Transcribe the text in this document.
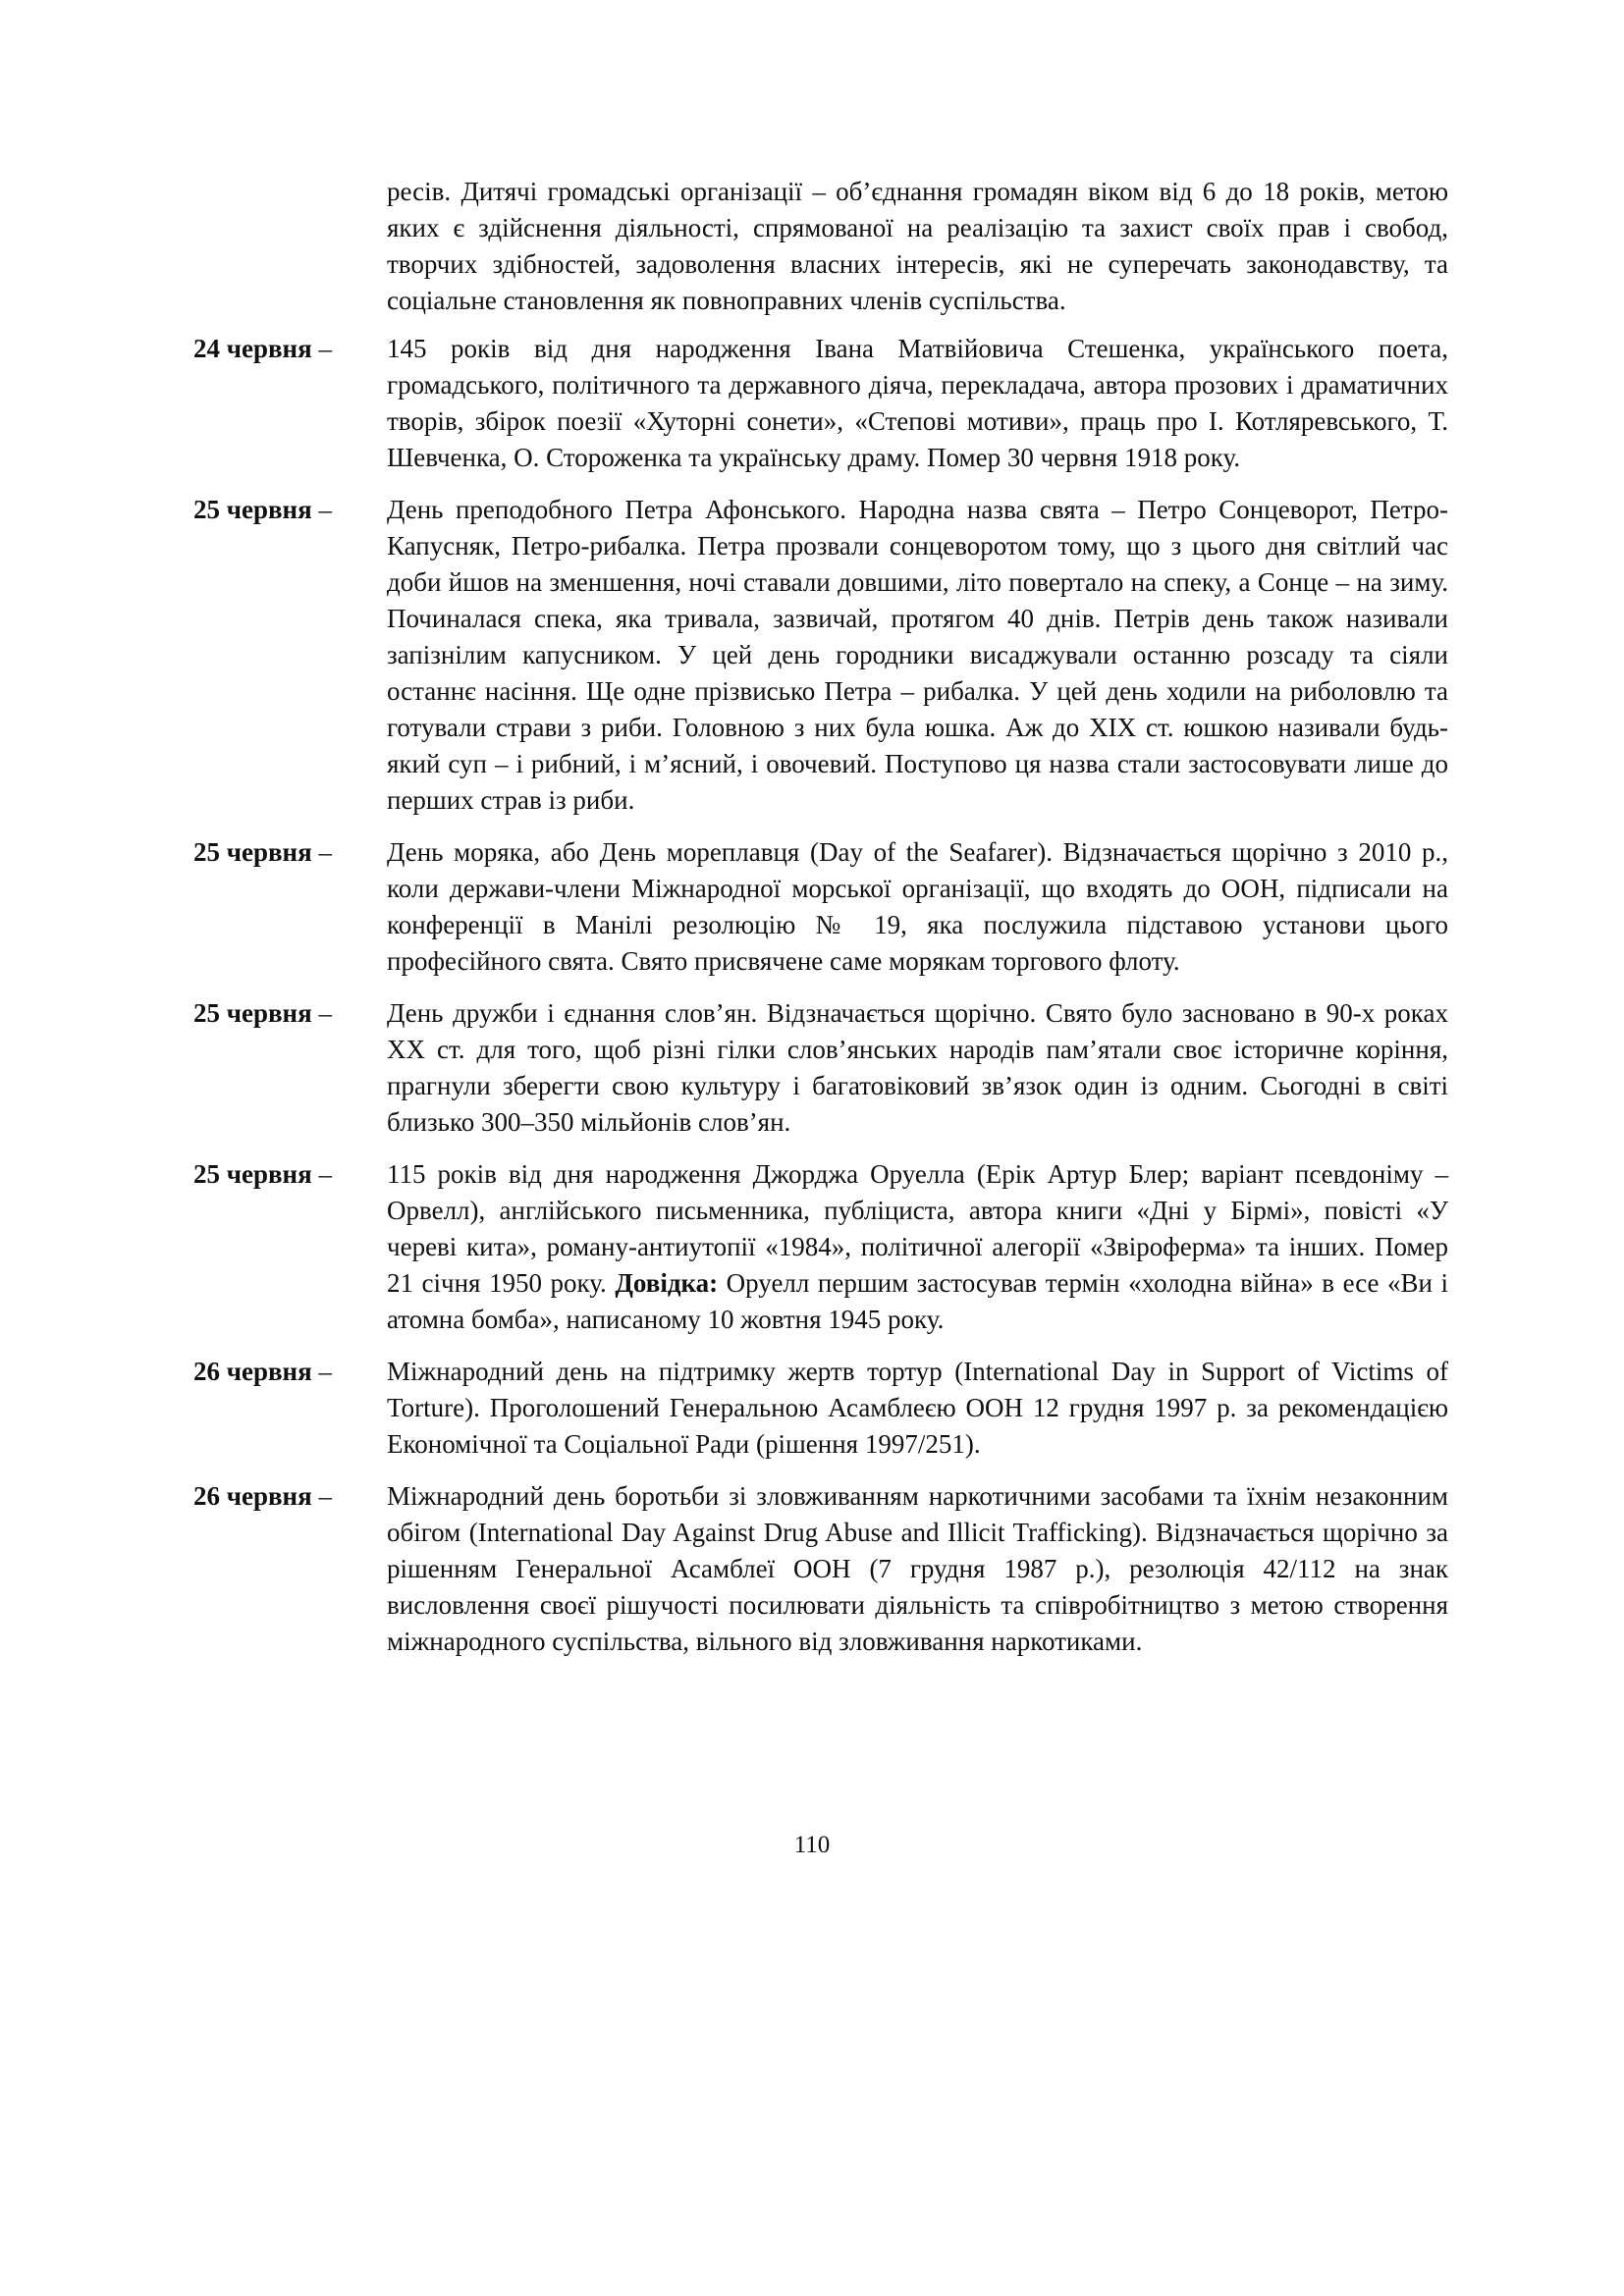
ресів. Дитячі громадські організації – об’єднання громадян віком від 6 до 18 років, метою яких є здійснення діяльності, спрямованої на реалізацію та захист своїх прав і свобод, творчих здібностей, задоволення власних інтересів, які не суперечать законодавству, та соціальне становлення як повноправних членів суспільства.

24 червня – 145 років від дня народження Івана Матвійовича Стешенка, українського поета, громадського, політичного та державного діяча, перекладача, автора прозових і драматичних творів, збірок поезії «Хуторні сонети», «Степові мотиви», праць про І. Котляревського, Т. Шевченка, О. Стороженка та українську драму. Помер 30 червня 1918 року.
25 червня – День преподобного Петра Афонського. Народна назва свята – Петро Сонцеворот, Петро-Капусняк, Петро-рибалка. Петра прозвали сонцеворотом тому, що з цього дня світлий час доби йшов на зменшення, ночі ставали довшими, літо повертало на спеку, а Сонце – на зиму. Починалася спека, яка тривала, зазвичай, протягом 40 днів. Петрів день також називали запізнілим капусником. У цей день городники висаджували останню розсаду та сіяли останнє насіння. Ще одне прізвисько Петра – рибалка. У цей день ходили на риболовлю та готували страви з риби. Головною з них була юшка. Аж до XIX ст. юшкою називали будь-який суп – і рибний, і м’ясний, і овочевий. Поступово ця назва стали застосовувати лише до перших страв із риби.
25 червня – День моряка, або День мореплавця (Day of the Seafarer). Відзначається щорічно з 2010 р., коли держави-члени Міжнародної морської організації, що входять до ООН, підписали на конференції в Манілі резолюцію № 19, яка послужила підставою установи цього професійного свята. Свято присвячене саме морякам торгового флоту.
25 червня – День дружби і єднання слов’ян. Відзначається щорічно. Свято було засновано в 90-х роках XX ст. для того, щоб різні гілки слов’янських народів пам’ятали своє історичне коріння, прагнули зберегти свою культуру і багатовіковий зв’язок один із одним. Сьогодні в світі близько 300–350 мільйонів слов’ян.
25 червня – 115 років від дня народження Джорджа Оруелла (Ерік Артур Блер; варіант псевдоніму – Орвелл), англійського письменника, публіциста, автора книги «Дні у Бірмі», повісті «У череві кита», роману-антиутопії «1984», політичної алегорії «Звіроферма» та інших. Помер 21 січня 1950 року. Довідка: Оруелл першим застосував термін «холодна війна» в есе «Ви і атомна бомба», написаному 10 жовтня 1945 року.
26 червня – Міжнародний день на підтримку жертв тортур (International Day in Support of Victims of Torture). Проголошений Генеральною Асамблеєю ООН 12 грудня 1997 р. за рекомендацією Економічної та Соціальної Ради (рішення 1997/251).
26 червня – Міжнародний день боротьби зі зловживанням наркотичними засобами та їхнім незаконним обігом (International Day Against Drug Abuse and Illicit Trafficking). Відзначається щорічно за рішенням Генеральної Асамблеї ООН (7 грудня 1987 р.), резолюція 42/112 на знак висловлення своєї рішучості посилювати діяльність та співробітництво з метою створення міжнародного суспільства, вільного від зловживання наркотиками.
110
